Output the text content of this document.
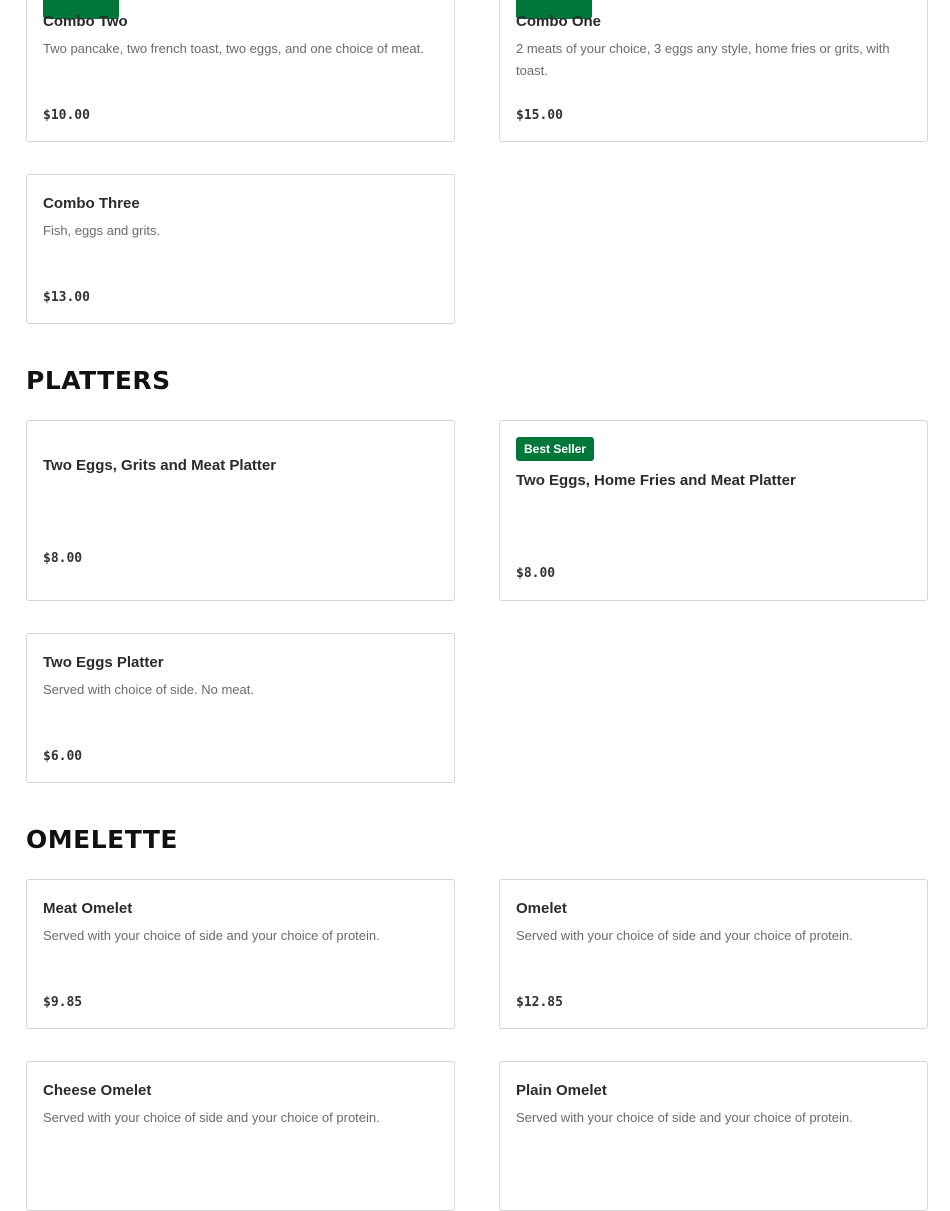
Combo Two
Two pancake, two french toast, two eggs, and one choice of meat.
$10.00
Combo One
2 meats of your choice, 3 eggs any style, home fries or grits, with toast.
$15.00
Combo Three
Fish, eggs and grits.
$13.00
PLATTERS
Two Eggs, Grits and Meat Platter
$8.00
Best Seller
Two Eggs, Home Fries and Meat Platter
$8.00
Two Eggs Platter
Served with choice of side. No meat.
$6.00
OMELETTE
Meat Omelet
Served with your choice of side and your choice of protein.
$9.85
Omelet
Served with your choice of side and your choice of protein.
$12.85
Cheese Omelet
Served with your choice of side and your choice of protein.
Plain Omelet
Served with your choice of side and your choice of protein.
